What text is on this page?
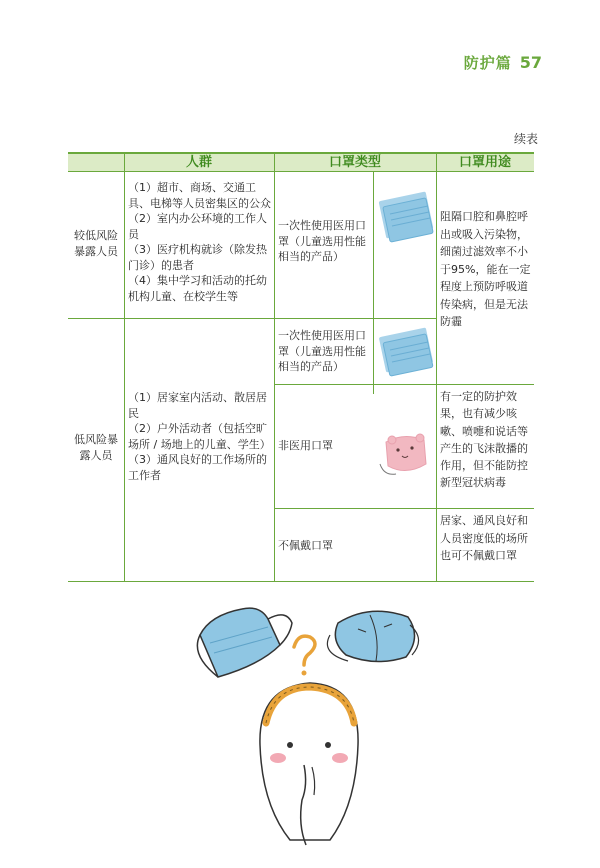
防护篇 57
续表
人群	口罩类型	口罩用途
较低风险暴露人员
（1）超市、商场、交通工具、电梯等人员密集区的公众
（2）室内办公环境的工作人员
（3）医疗机构就诊（除发热门诊）的患者
（4）集中学习和活动的托幼机构儿童、在校学生等
一次性使用医用口罩（儿童选用性能相当的产品）
阻隔口腔和鼻腔呼出或吸入污染物，细菌过滤效率不小于95%，能在一定程度上预防呼吸道传染病，但是无法防霾
低风险暴露人员
（1）居家室内活动、散居居民
（2）户外活动者（包括空旷场所 / 场地上的儿童、学生）
（3）通风良好的工作场所的工作者
一次性使用医用口罩（儿童选用性能相当的产品）
非医用口罩
不佩戴口罩
有一定的防护效果，也有减少咳嗽、喷嚏和说话等产生的飞沫散播的作用，但不能防控新型冠状病毒
居家、通风良好和人员密度低的场所也可不佩戴口罩
